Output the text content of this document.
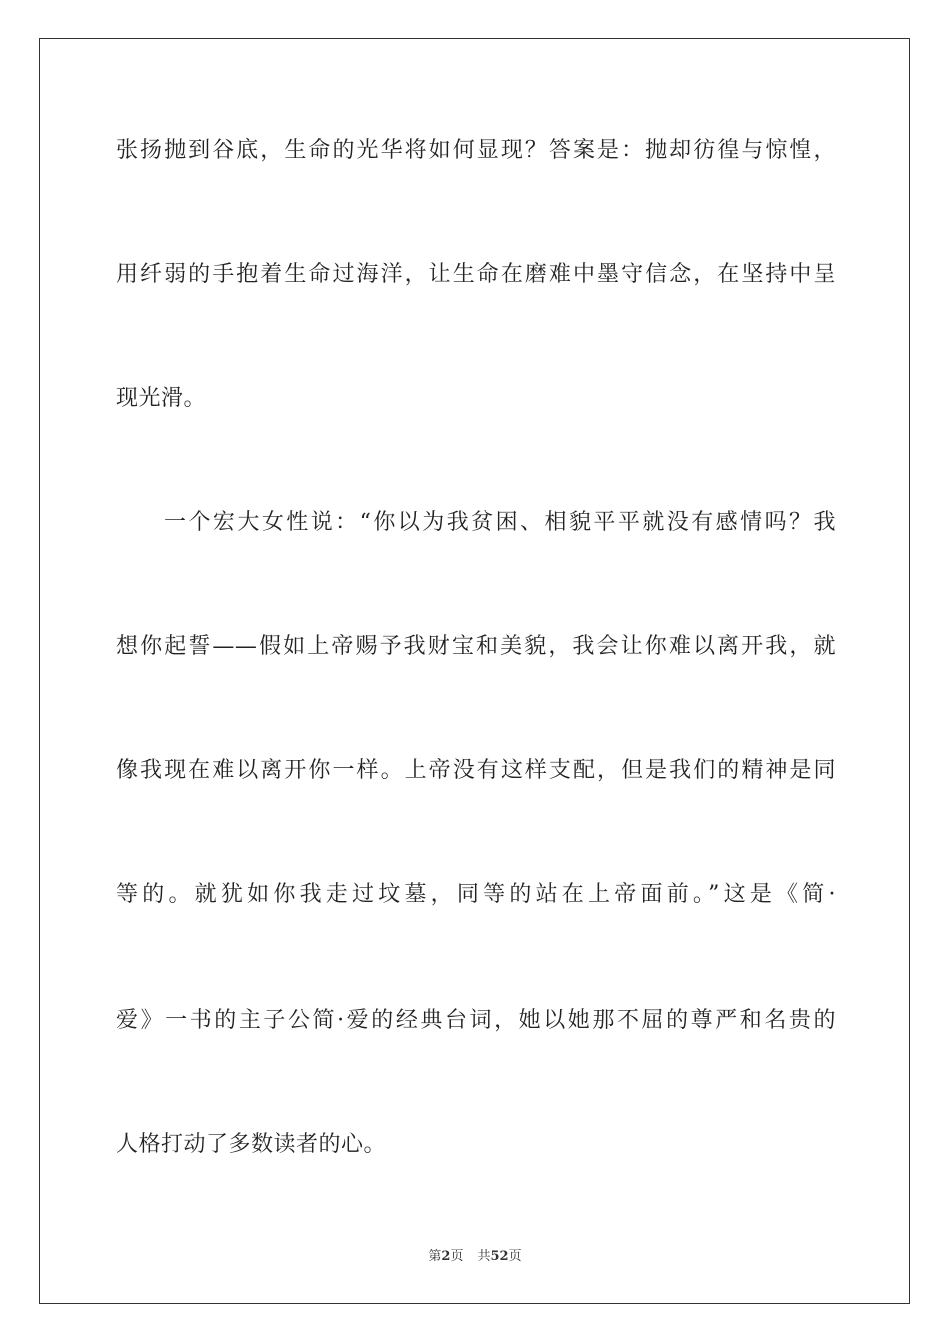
张扬抛到谷底，生命的光华将如何显现？答案是：抛却彷徨与惊惶，
用纤弱的手抱着生命过海洋，让生命在磨难中墨守信念，在坚持中呈
现光滑。
一个宏大女性说：“你以为我贫困、相貌平平就没有感情吗？我
想你起誓——假如上帝赐予我财宝和美貌，我会让你难以离开我，就
像我现在难以离开你一样。上帝没有这样支配，但是我们的精神是同
等的。就犹如你我走过坟墓，同等的站在上帝面前。”这是《简·
爱》一书的主子公简·爱的经典台词，她以她那不屈的尊严和名贵的
人格打动了多数读者的心。
第2页 共52页
